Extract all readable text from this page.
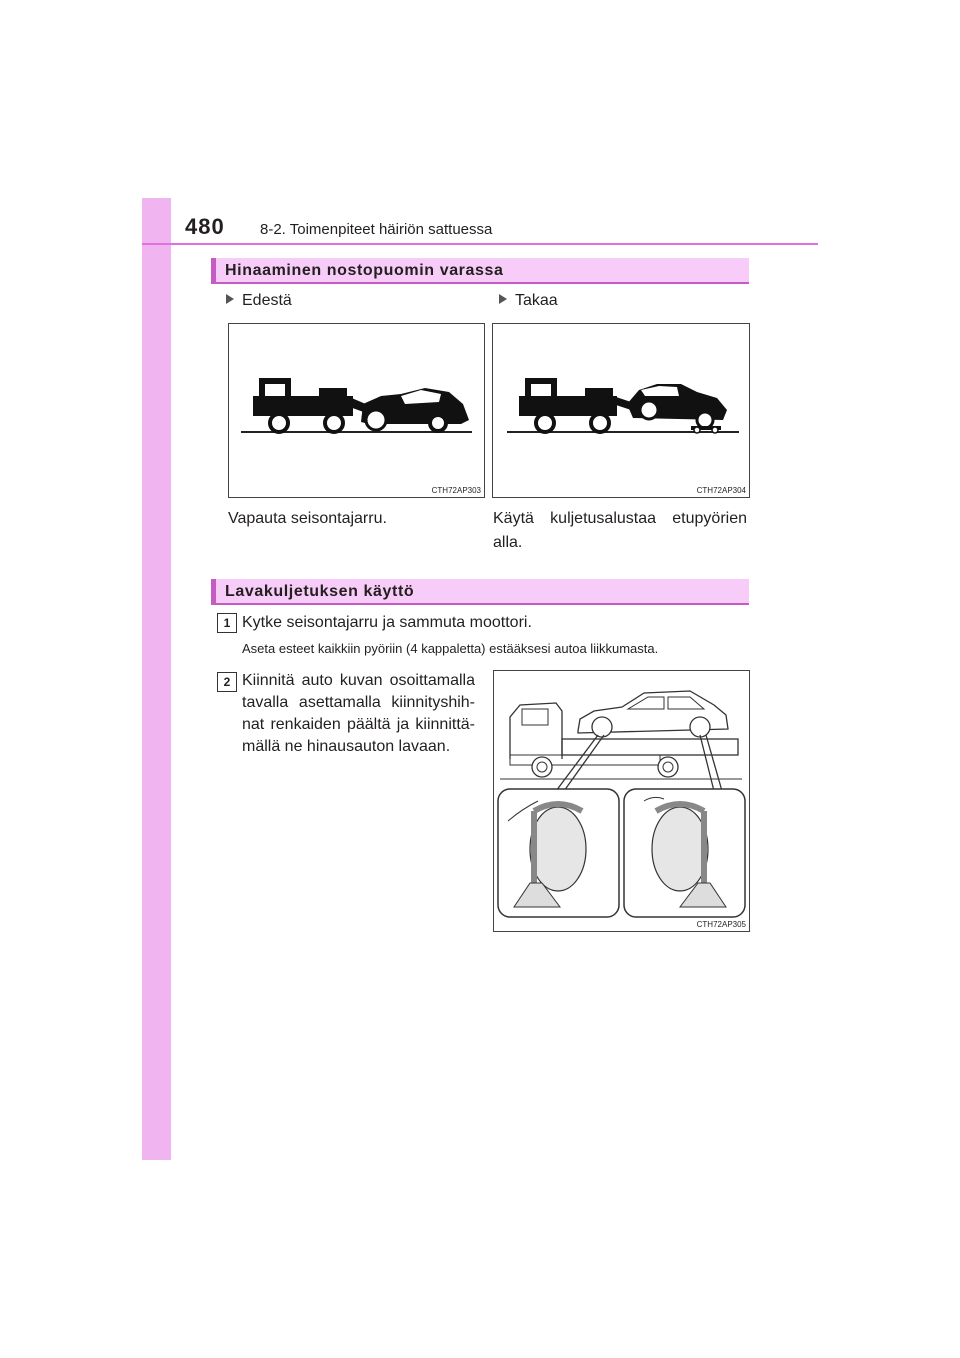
480 8-2. Toimenpiteet häiriön sattuessa
Hinaaminen nostopuomin varassa
Edestä	Takaa
CTH72AP303	CTH72AP304
Vapauta seisontajarru.	Käytä kuljetusalustaa etupyörien alla.
Lavakuljetuksen käyttö
1 Kytke seisontajarru ja sammuta moottori.
Aseta esteet kaikkiin pyöriin (4 kappaletta) estääksesi autoa liikkumasta.
2 Kiinnitä auto kuvan osoittamalla tavalla asettamalla kiinnityshih-nat renkaiden päältä ja kiinnittä-mällä ne hinausauton lavaan.
CTH72AP305
